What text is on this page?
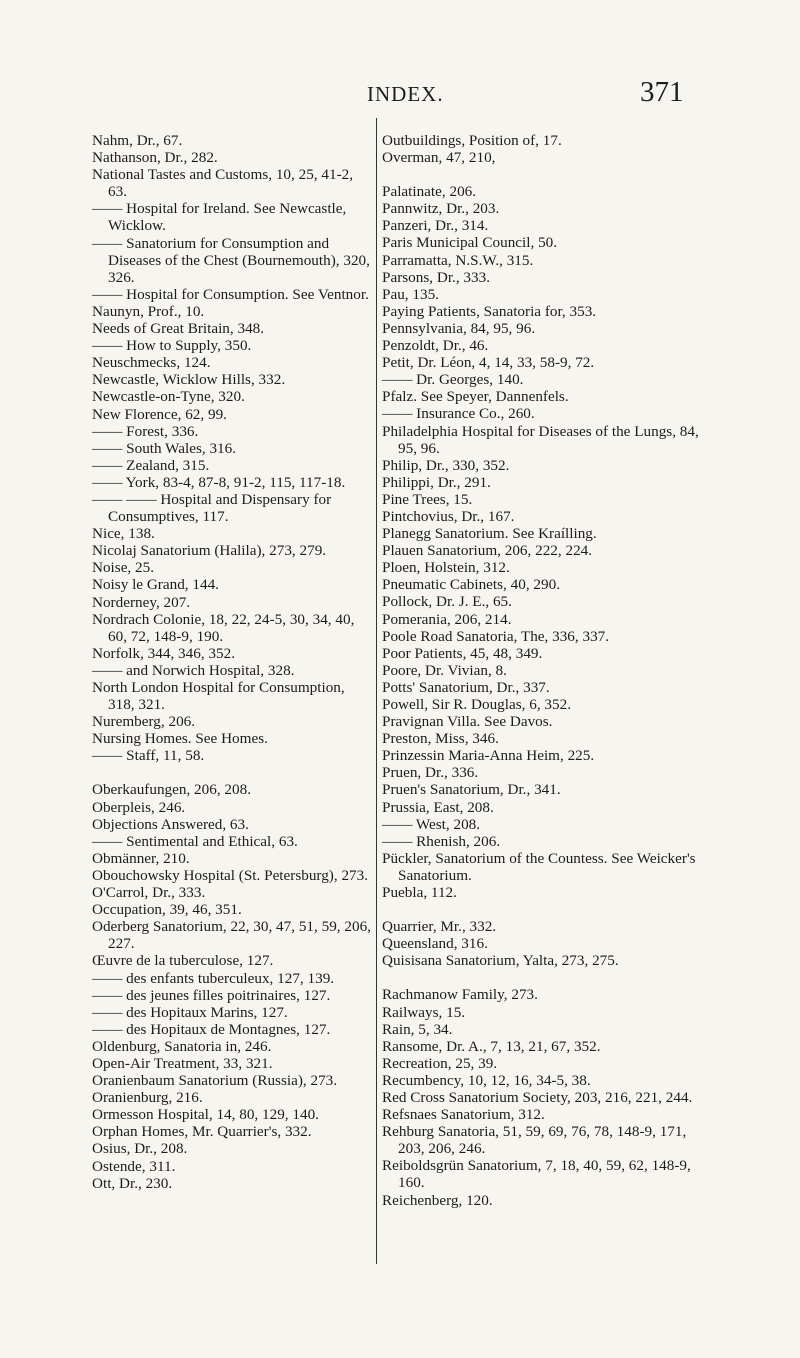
INDEX.	371
Nahm, Dr., 67.
Nathanson, Dr., 282.
National Tastes and Customs, 10, 25, 41-2, 63.
—— Hospital for Ireland. See Newcastle, Wicklow.
—— Sanatorium for Consumption and Diseases of the Chest (Bournemouth), 320, 326.
—— Hospital for Consumption. See Ventnor.
Naunyn, Prof., 10.
Needs of Great Britain, 348.
—— How to Supply, 350.
Neuschmecks, 124.
Newcastle, Wicklow Hills, 332.
Newcastle-on-Tyne, 320.
New Florence, 62, 99.
—— Forest, 336.
—— South Wales, 316.
—— Zealand, 315.
—— York, 83-4, 87-8, 91-2, 115, 117-18.
—— —— Hospital and Dispensary for Consumptives, 117.
Nice, 138.
Nicolaj Sanatorium (Halila), 273, 279.
Noise, 25.
Noisy le Grand, 144.
Norderney, 207.
Nordrach Colonie, 18, 22, 24-5, 30, 34, 40, 60, 72, 148-9, 190.
Norfolk, 344, 346, 352.
—— and Norwich Hospital, 328.
North London Hospital for Consumption, 318, 321.
Nuremberg, 206.
Nursing Homes. See Homes.
—— Staff, 11, 58.
Oberkaufungen, 206, 208.
Oberpleis, 246.
Objections Answered, 63.
—— Sentimental and Ethical, 63.
Obmänner, 210.
Obouchowsky Hospital (St. Petersburg), 273.
O'Carrol, Dr., 333.
Occupation, 39, 46, 351.
Oderberg Sanatorium, 22, 30, 47, 51, 59, 206, 227.
Œuvre de la tuberculose, 127.
—— des enfants tuberculeux, 127, 139.
—— des jeunes filles poitrinaires, 127.
—— des Hopitaux Marins, 127.
—— des Hopitaux de Montagnes, 127.
Oldenburg, Sanatoria in, 246.
Open-Air Treatment, 33, 321.
Oranienbaum Sanatorium (Russia), 273.
Oranienburg, 216.
Ormesson Hospital, 14, 80, 129, 140.
Orphan Homes, Mr. Quarrier's, 332.
Osius, Dr., 208.
Ostende, 311.
Ott, Dr., 230.
Outbuildings, Position of, 17.
Overman, 47, 210,
Palatinate, 206.
Pannwitz, Dr., 203.
Panzeri, Dr., 314.
Paris Municipal Council, 50.
Parramatta, N.S.W., 315.
Parsons, Dr., 333.
Pau, 135.
Paying Patients, Sanatoria for, 353.
Pennsylvania, 84, 95, 96.
Penzoldt, Dr., 46.
Petit, Dr. Léon, 4, 14, 33, 58-9, 72.
—— Dr. Georges, 140.
Pfalz. See Speyer, Dannenfels.
—— Insurance Co., 260.
Philadelphia Hospital for Diseases of the Lungs, 84, 95, 96.
Philip, Dr., 330, 352.
Philippi, Dr., 291.
Pine Trees, 15.
Pintchovius, Dr., 167.
Planegg Sanatorium. See Kraílling.
Plauen Sanatorium, 206, 222, 224.
Ploen, Holstein, 312.
Pneumatic Cabinets, 40, 290.
Pollock, Dr. J. E., 65.
Pomerania, 206, 214.
Poole Road Sanatoria, The, 336, 337.
Poor Patients, 45, 48, 349.
Poore, Dr. Vivian, 8.
Potts' Sanatorium, Dr., 337.
Powell, Sir R. Douglas, 6, 352.
Pravignan Villa. See Davos.
Preston, Miss, 346.
Prinzessin Maria-Anna Heim, 225.
Pruen, Dr., 336.
Pruen's Sanatorium, Dr., 341.
Prussia, East, 208.
—— West, 208.
—— Rhenish, 206.
Pückler, Sanatorium of the Countess. See Weicker's Sanatorium.
Puebla, 112.
Quarrier, Mr., 332.
Queensland, 316.
Quisisana Sanatorium, Yalta, 273, 275.
Rachmanow Family, 273.
Railways, 15.
Rain, 5, 34.
Ransome, Dr. A., 7, 13, 21, 67, 352.
Recreation, 25, 39.
Recumbency, 10, 12, 16, 34-5, 38.
Red Cross Sanatorium Society, 203, 216, 221, 244.
Refsnaes Sanatorium, 312.
Rehburg Sanatoria, 51, 59, 69, 76, 78, 148-9, 171, 203, 206, 246.
Reiboldsgrün Sanatorium, 7, 18, 40, 59, 62, 148-9, 160.
Reichenberg, 120.
